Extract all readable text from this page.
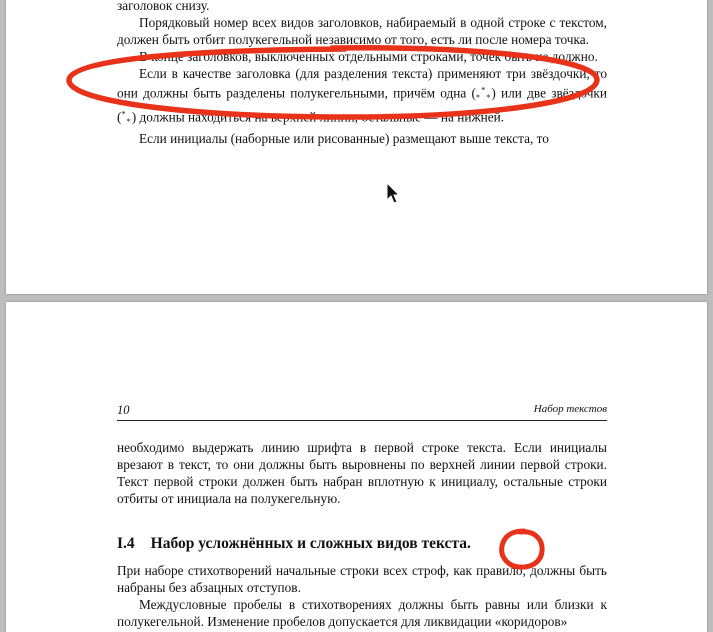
заголовок снизу.

Порядковый номер всех видов заголовков, набираемый в одной строке с текстом, должен быть отбит полукегельной независимо от того, есть ли после номера точка.

В конце заголовков, выключенных отдельными строками, точек быть не должно.

Если в качестве заголовка (для разделения текста) применяют три звёздочки, то они должны быть разделены полукегельными, причём одна $(_*^*_*)$ или две звёздочки $(^*_*)$ должны находиться на верхней линии, остальные — на нижней.

Если инициалы (наборные или рисованные) размещают выше текста, то

10	Набор текстов

необходимо выдержать линию шрифта в первой строке текста. Если инициалы врезают в текст, то они должны быть выровнены по верхней линии первой строки. Текст первой строки должен быть набран вплотную к инициалу, остальные строки отбиты от инициала на полукегельную.

I.4 Набор усложнённых и сложных видов текста.

При наборе стихотворений начальные строки всех строф, как правило, должны быть набраны без абзацных отступов.

Междусловные пробелы в стихотворениях должны быть равны или близки к полукегельной. Изменение пробелов допускается для ликвидации «коридоров»
